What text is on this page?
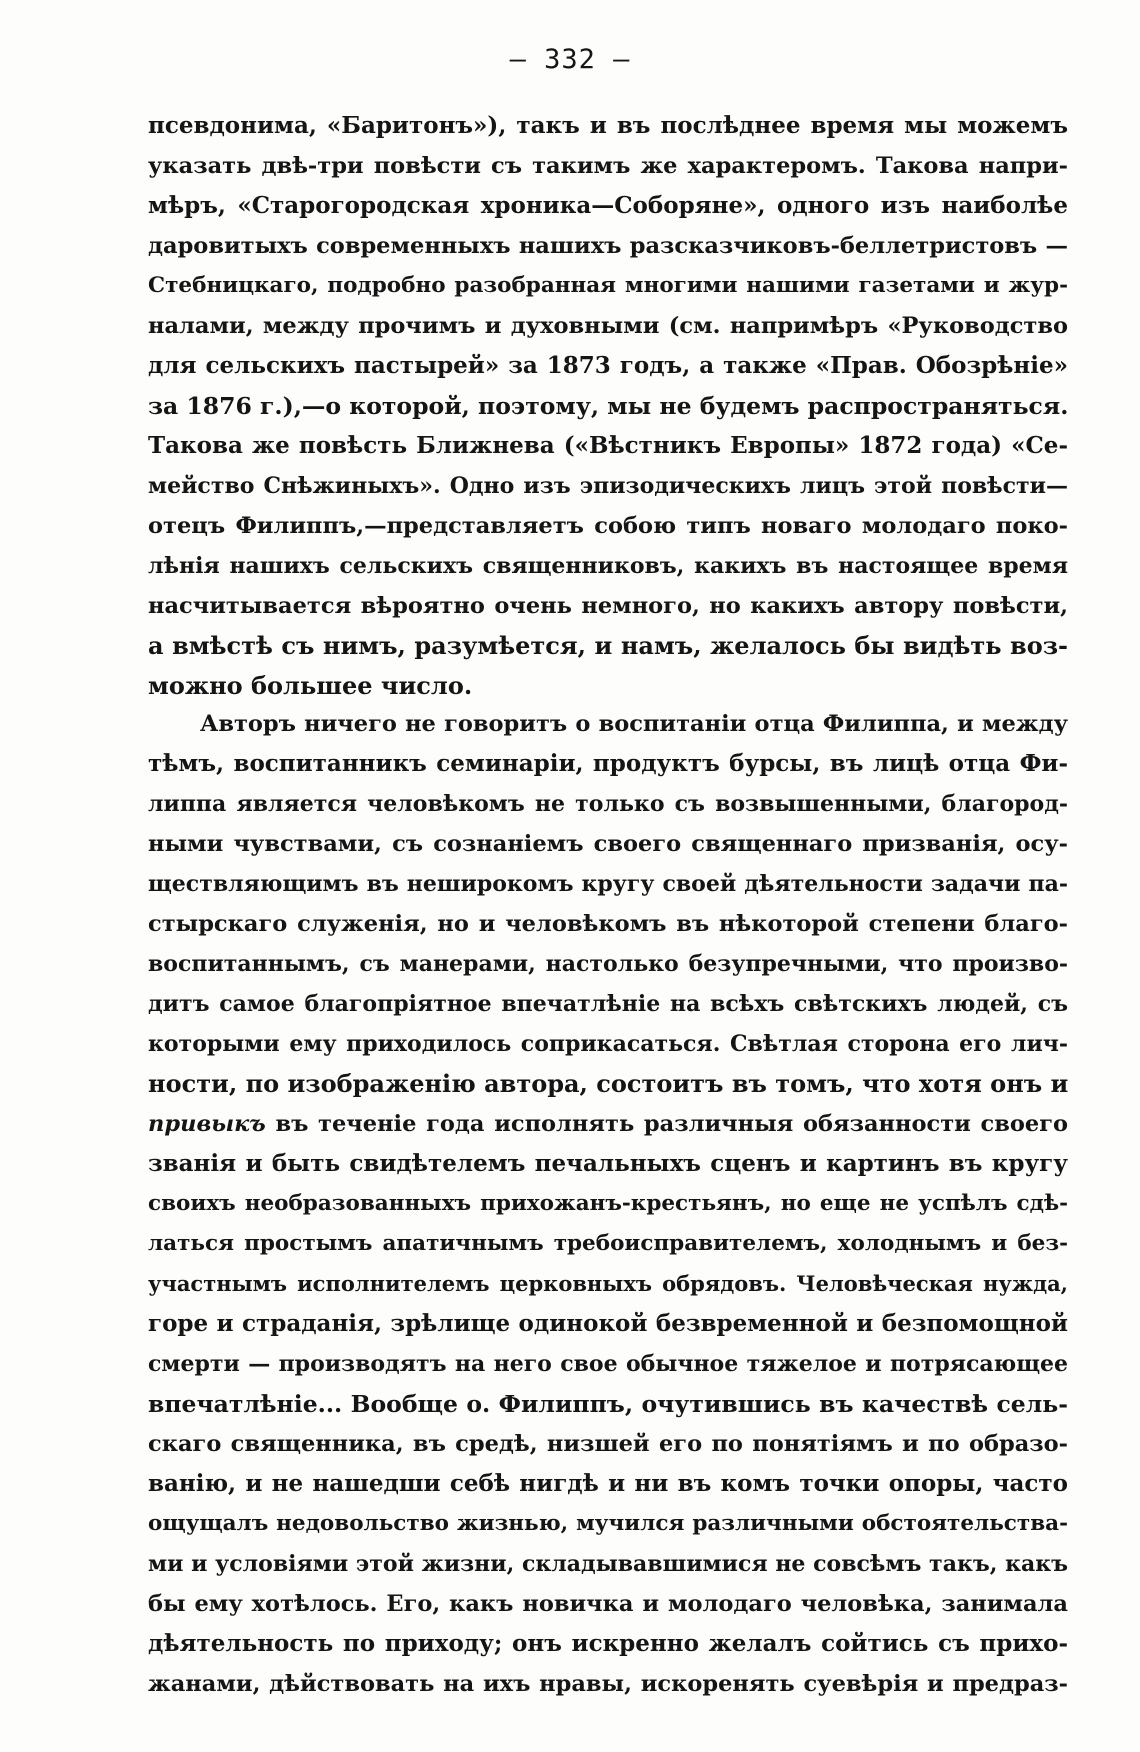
— 332 —
псевдонима, «Баритонъ»), такъ и въ послѣднее время мы можемъ
указать двѣ-три повѣсти съ такимъ же характеромъ. Такова напри-
мѣръ, «Старогородская хроника—Соборяне», одного изъ наиболѣе
даровитыхъ современныхъ нашихъ разсказчиковъ-беллетристовъ —
Стебницкаго, подробно разобранная многими нашими газетами и жур-
налами, между прочимъ и духовными (см. напримѣръ «Руководство
для сельскихъ пастырей» за 1873 годъ, а также «Прав. Обозрѣніе»
за 1876 г.),—о которой, поэтому, мы не будемъ распространяться.
Такова же повѣсть Ближнева («Вѣстникъ Европы» 1872 года) «Се-
мейство Снѣжиныхъ». Одно изъ эпизодическихъ лицъ этой повѣсти—
отецъ Филиппъ,—представляетъ собою типъ новаго молодаго поко-
лѣнія нашихъ сельскихъ священниковъ, какихъ въ настоящее время
насчитывается вѣроятно очень немного, но какихъ автору повѣсти,
а вмѣстѣ съ нимъ, разумѣется, и намъ, желалось бы видѣть воз-
можно большее число.
Авторъ ничего не говоритъ о воспитаніи отца Филиппа, и между
тѣмъ, воспитанникъ семинаріи, продуктъ бурсы, въ лицѣ отца Фи-
липпа является человѣкомъ не только съ возвышенными, благород-
ными чувствами, съ сознаніемъ своего священнаго призванія, осу-
ществляющимъ въ неширокомъ кругу своей дѣятельности задачи па-
стырскаго служенія, но и человѣкомъ въ нѣкоторой степени благо-
воспитаннымъ, съ манерами, настолько безупречными, что произво-
дитъ самое благопріятное впечатлѣніе на всѣхъ свѣтскихъ людей, съ
которыми ему приходилось соприкасаться. Свѣтлая сторона его лич-
ности, по изображенію автора, состоитъ въ томъ, что хотя онъ и
привыкъ въ теченіе года исполнять различныя обязанности своего
званія и быть свидѣтелемъ печальныхъ сценъ и картинъ въ кругу
своихъ необразованныхъ прихожанъ-крестьянъ, но еще не успѣлъ сдѣ-
латься простымъ апатичнымъ требоисправителемъ, холоднымъ и без-
участнымъ исполнителемъ церковныхъ обрядовъ. Человѣческая нужда,
горе и страданія, зрѣлище одинокой безвременной и безпомощной
смерти — производятъ на него свое обычное тяжелое и потрясающее
впечатлѣніе... Вообще о. Филиппъ, очутившись въ качествѣ сель-
скаго священника, въ средѣ, низшей его по понятіямъ и по образо-
ванію, и не нашедши себѣ нигдѣ и ни въ комъ точки опоры, часто
ощущалъ недовольство жизнью, мучился различными обстоятельства-
ми и условіями этой жизни, складывавшимися не совсѣмъ такъ, какъ
бы ему хотѣлось. Его, какъ новичка и молодаго человѣка, занимала
дѣятельность по приходу; онъ искренно желалъ сойтись съ прихо-
жанами, дѣйствовать на ихъ нравы, искоренять суевѣрія и предраз-
